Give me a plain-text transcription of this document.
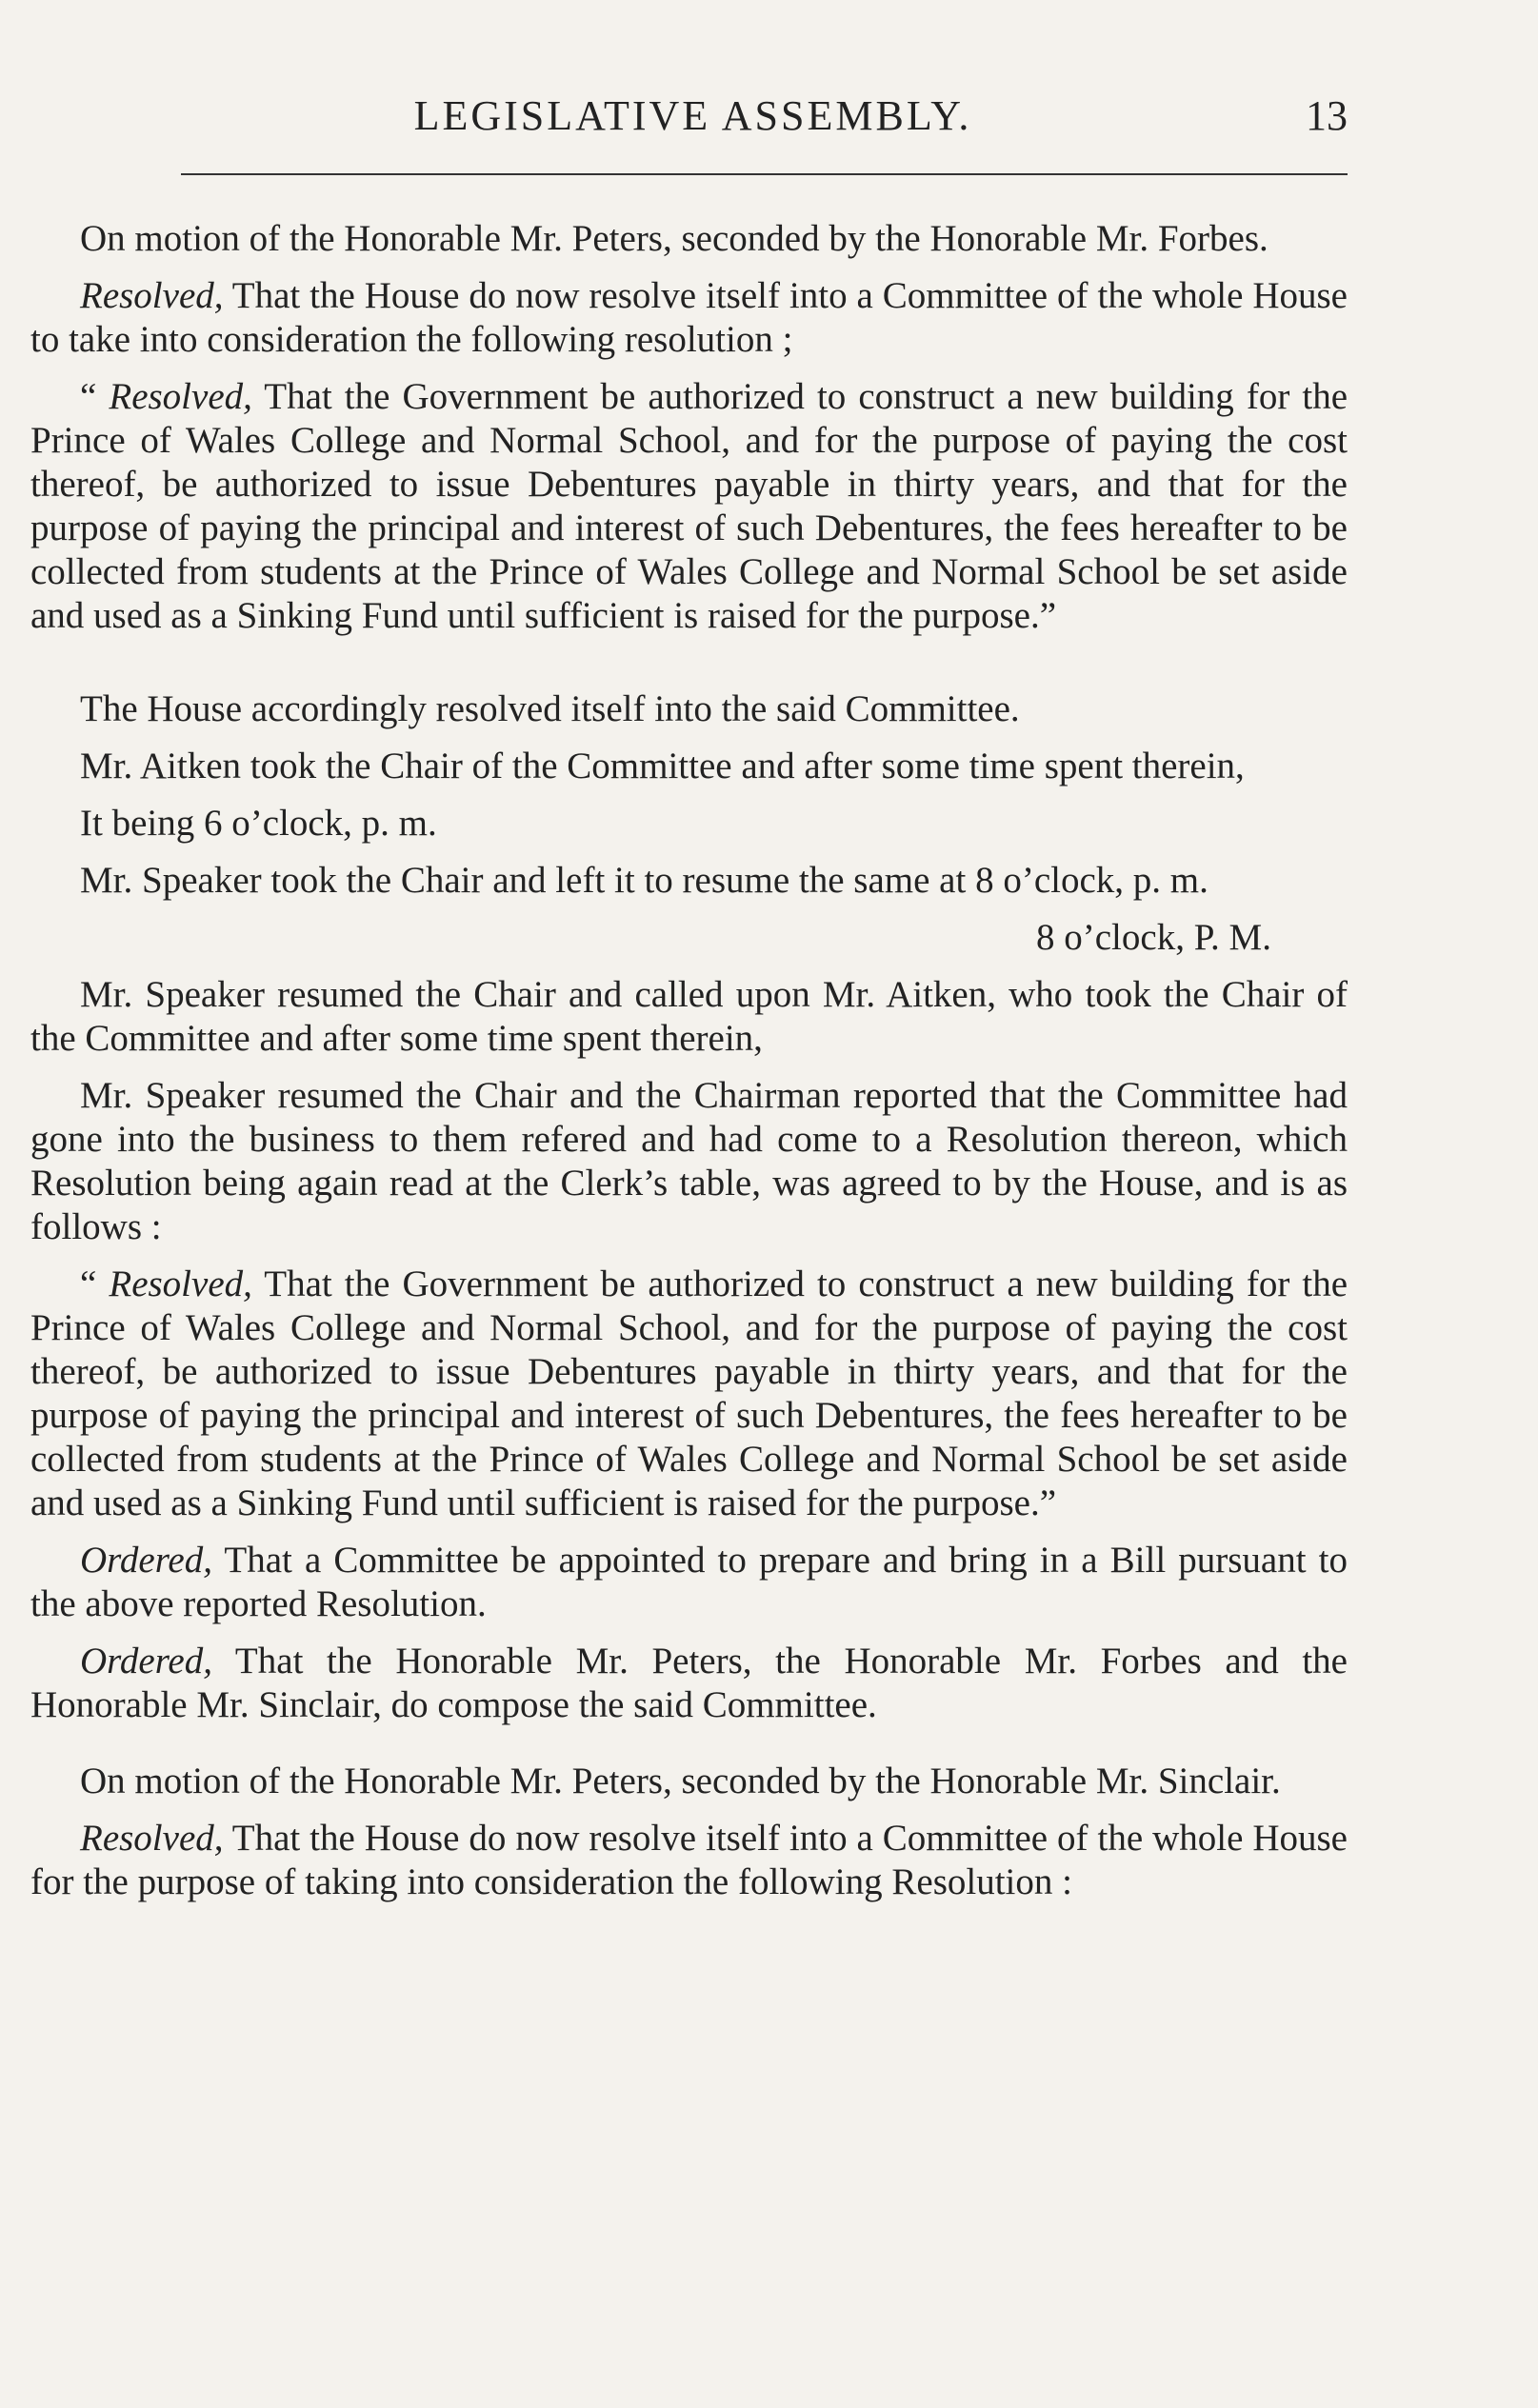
LEGISLATIVE ASSEMBLY.	13

On motion of the Honorable Mr. Peters, seconded by the Honorable Mr. Forbes.

Resolved, That the House do now resolve itself into a Committee of the whole House to take into consideration the following resolution ;

“ Resolved, That the Government be authorized to construct a new building for the Prince of Wales College and Normal School, and for the purpose of paying the cost thereof, be authorized to issue Debentures payable in thirty years, and that for the purpose of paying the principal and interest of such Debentures, the fees hereafter to be collected from students at the Prince of Wales College and Normal School be set aside and used as a Sinking Fund until sufficient is raised for the purpose.”

The House accordingly resolved itself into the said Committee.

Mr. Aitken took the Chair of the Committee and after some time spent therein,

It being 6 o’clock, p. m.

Mr. Speaker took the Chair and left it to resume the same at 8 o’clock, p. m.

8 o’clock, P. M.

Mr. Speaker resumed the Chair and called upon Mr. Aitken, who took the Chair of the Committee and after some time spent therein,

Mr. Speaker resumed the Chair and the Chairman reported that the Committee had gone into the business to them refered and had come to a Resolution thereon, which Resolution being again read at the Clerk’s table, was agreed to by the House, and is as follows :

“ Resolved, That the Government be authorized to construct a new building for the Prince of Wales College and Normal School, and for the purpose of paying the cost thereof, be authorized to issue Debentures payable in thirty years, and that for the purpose of paying the principal and interest of such Debentures, the fees hereafter to be collected from students at the Prince of Wales College and Normal School be set aside and used as a Sinking Fund until sufficient is raised for the purpose.”

Ordered, That a Committee be appointed to prepare and bring in a Bill pursuant to the above reported Resolution.

Ordered, That the Honorable Mr. Peters, the Honorable Mr. Forbes and the Honorable Mr. Sinclair, do compose the said Committee.

On motion of the Honorable Mr. Peters, seconded by the Honorable Mr. Sinclair.

Resolved, That the House do now resolve itself into a Committee of the whole House for the purpose of taking into consideration the following Resolution :
